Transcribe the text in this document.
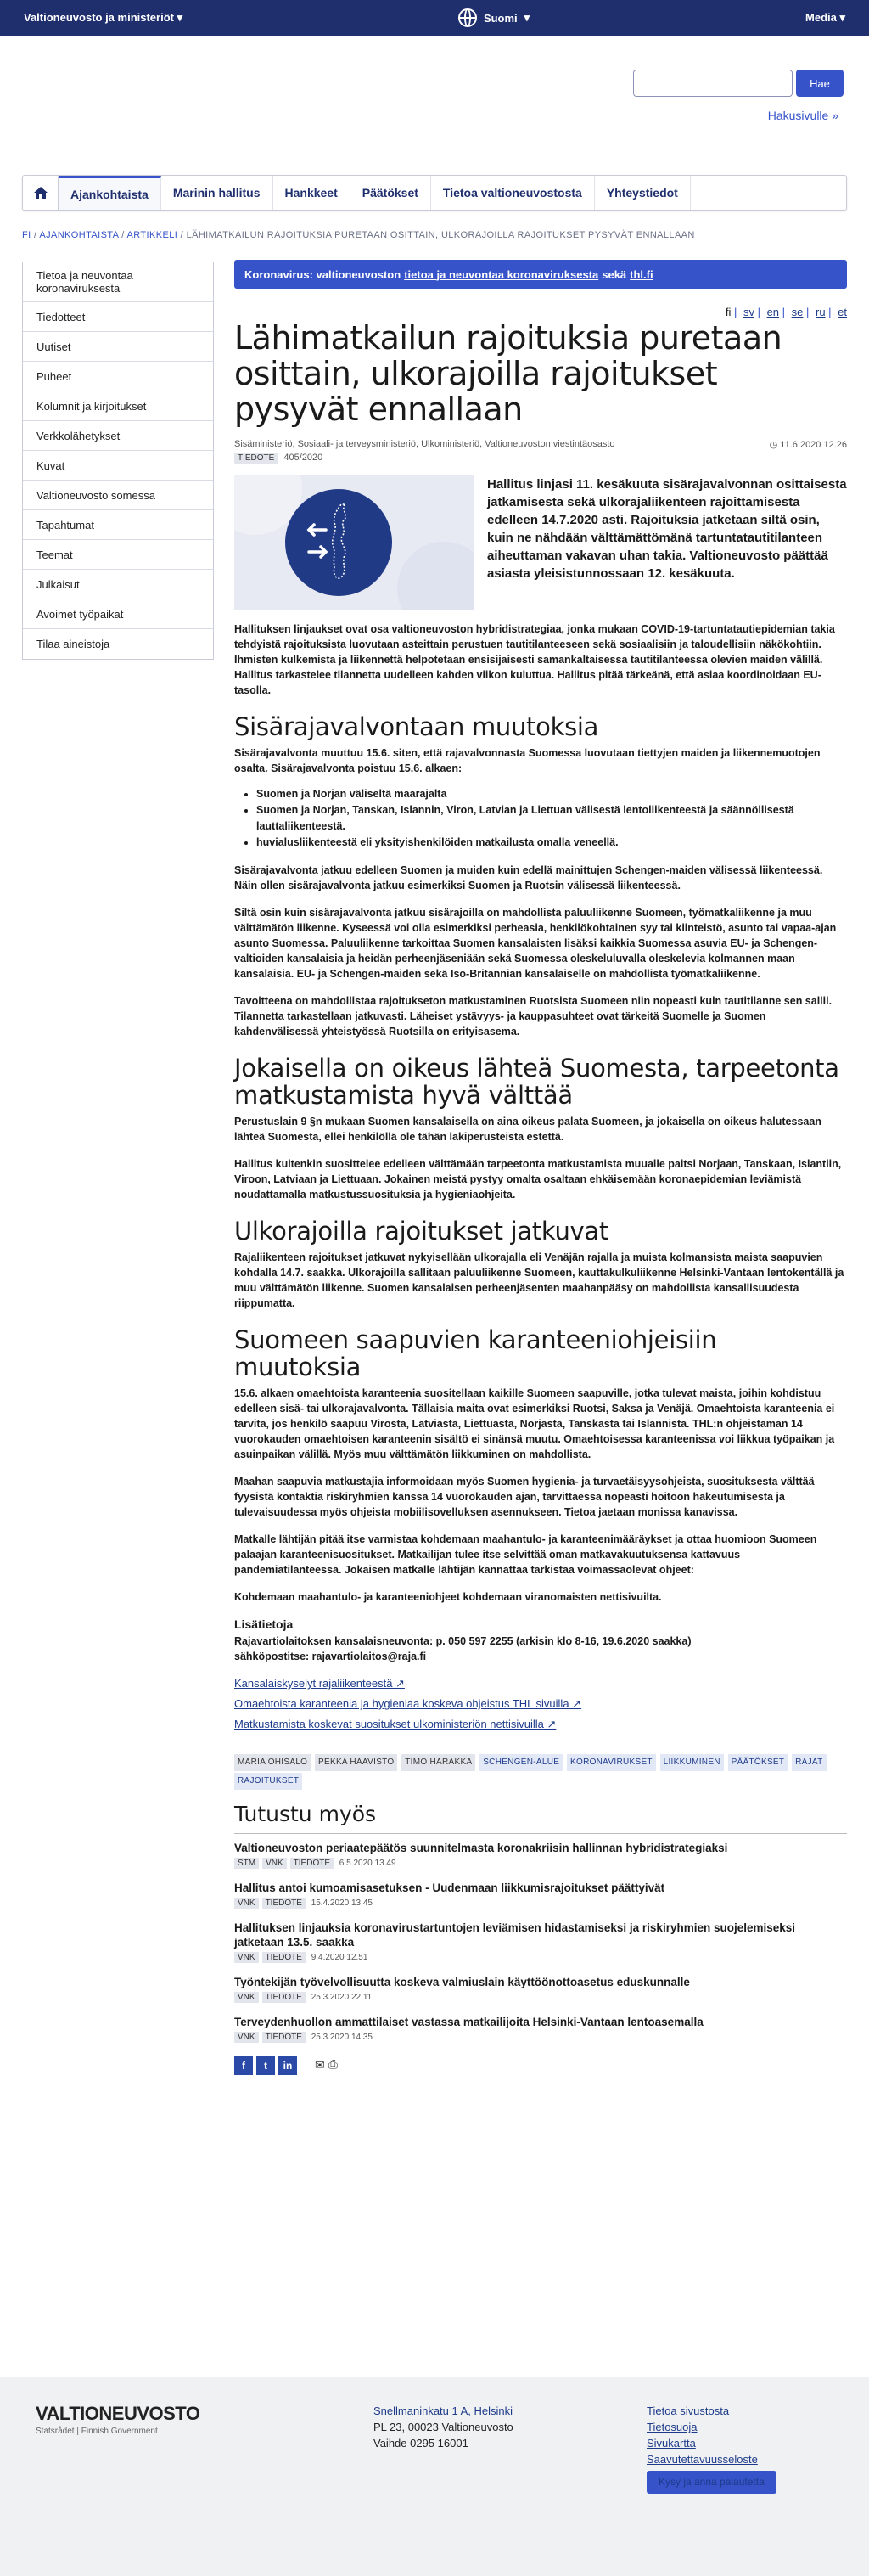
Valtioneuvosto ja ministeriöt ▾	Suomi ▾	Media ▾
Hae
Hakusivulle »
Ajankohtaista	Marinin hallitus	Hankkeet	Päätökset	Tietoa valtioneuvostosta	Yhteystiedot
FI / AJANKOHTAISTA / ARTIKKELI / LÄHIMATKAILUN RAJOITUKSIA PURETAAN OSITTAIN, ULKORAJOILLA RAJOITUKSET PYSYVÄT ENNALLAAN
Tietoa ja neuvontaa koronaviruksesta
Tiedotteet
Uutiset
Puheet
Kolumnit ja kirjoitukset
Verkkolähetykset
Kuvat
Valtioneuvosto somessa
Tapahtumat
Teemat
Julkaisut
Avoimet työpaikat
Tilaa aineistoja
Koronavirus: valtioneuvoston tietoa ja neuvontaa koronaviruksesta sekä thl.fi
fi | sv | en | se | ru | et
Lähimatkailun rajoituksia puretaan osittain, ulkorajoilla rajoitukset pysyvät ennallaan
Sisäministeriö, Sosiaali- ja terveysministeriö, Ulkoministeriö, Valtioneuvoston viestintäosasto	◷ 11.6.2020 12.26
TIEDOTE 405/2020
Hallitus linjasi 11. kesäkuuta sisärajavalvonnan osittaisesta jatkamisesta sekä ulkorajaliikenteen rajoittamisesta edelleen 14.7.2020 asti. Rajoituksia jatketaan siltä osin, kuin ne nähdään välttämättömänä tartuntatautitilanteen aiheuttaman vakavan uhan takia. Valtioneuvosto päättää asiasta yleisistunnossaan 12. kesäkuuta.

Hallituksen linjaukset ovat osa valtioneuvoston hybridistrategiaa, jonka mukaan COVID-19-tartuntatautiepidemian takia tehdyistä rajoituksista luovutaan asteittain perustuen tautitilanteeseen sekä sosiaalisiin ja taloudellisiin näkökohtiin. Ihmisten kulkemista ja liikennettä helpotetaan ensisijaisesti samankaltaisessa tautitilanteessa olevien maiden välillä. Hallitus tarkastelee tilannetta uudelleen kahden viikon kuluttua. Hallitus pitää tärkeänä, että asiaa koordinoidaan EU-tasolla.

Sisärajavalvontaan muutoksia

Sisärajavalvonta muuttuu 15.6. siten, että rajavalvonnasta Suomessa luovutaan tiettyjen maiden ja liikennemuotojen osalta. Sisärajavalvonta poistuu 15.6. alkaen:

• Suomen ja Norjan väliseltä maarajalta
• Suomen ja Norjan, Tanskan, Islannin, Viron, Latvian ja Liettuan välisestä lentoliikenteestä ja säännöllisestä lauttaliikenteestä.
• huvialusliikenteestä eli yksityishenkilöiden matkailusta omalla veneellä.

Sisärajavalvonta jatkuu edelleen Suomen ja muiden kuin edellä mainittujen Schengen-maiden välisessä liikenteessä. Näin ollen sisärajavalvonta jatkuu esimerkiksi Suomen ja Ruotsin välisessä liikenteessä.

Siltä osin kuin sisärajavalvonta jatkuu sisärajoilla on mahdollista paluuliikenne Suomeen, työmatkaliikenne ja muu välttämätön liikenne. Kyseessä voi olla esimerkiksi perheasia, henkilökohtainen syy tai kiinteistö, asunto tai vapaa-ajan asunto Suomessa. Paluuliikenne tarkoittaa Suomen kansalaisten lisäksi kaikkia Suomessa asuvia EU- ja Schengen-valtioiden kansalaisia ja heidän perheenjäseniään sekä Suomessa oleskeluluvalla oleskelevia kolmannen maan kansalaisia. EU- ja Schengen-maiden sekä Iso-Britannian kansalaiselle on mahdollista työmatkaliikenne.

Tavoitteena on mahdollistaa rajoitukseton matkustaminen Ruotsista Suomeen niin nopeasti kuin tautitilanne sen sallii. Tilannetta tarkastellaan jatkuvasti. Läheiset ystävyys- ja kauppasuhteet ovat tärkeitä Suomelle ja Suomen kahdenvälisessä yhteistyössä Ruotsilla on erityisasema.

Jokaisella on oikeus lähteä Suomesta, tarpeetonta matkustamista hyvä välttää

Perustuslain 9 §n mukaan Suomen kansalaisella on aina oikeus palata Suomeen, ja jokaisella on oikeus halutessaan lähteä Suomesta, ellei henkilöllä ole tähän lakiperusteista estettä.

Hallitus kuitenkin suosittelee edelleen välttämään tarpeetonta matkustamista muualle paitsi Norjaan, Tanskaan, Islantiin, Viroon, Latviaan ja Liettuaan. Jokainen meistä pystyy omalta osaltaan ehkäisemään koronaepidemian leviämistä noudattamalla matkustussuosituksia ja hygieniaohjeita.

Ulkorajoilla rajoitukset jatkuvat

Rajaliikenteen rajoitukset jatkuvat nykyisellään ulkorajalla eli Venäjän rajalla ja muista kolmansista maista saapuvien kohdalla 14.7. saakka. Ulkorajoilla sallitaan paluuliikenne Suomeen, kauttakulkuliikenne Helsinki-Vantaan lentokentällä ja muu välttämätön liikenne. Suomen kansalaisen perheenjäsenten maahanpääsy on mahdollista kansallisuudesta riippumatta.

Suomeen saapuvien karanteeniohjeisiin muutoksia

15.6. alkaen omaehtoista karanteenia suositellaan kaikille Suomeen saapuville, jotka tulevat maista, joihin kohdistuu edelleen sisä- tai ulkorajavalvonta. Tällaisia maita ovat esimerkiksi Ruotsi, Saksa ja Venäjä. Omaehtoista karanteenia ei tarvita, jos henkilö saapuu Virosta, Latviasta, Liettuasta, Norjasta, Tanskasta tai Islannista. THL:n ohjeistaman 14 vuorokauden omaehtoisen karanteenin sisältö ei sinänsä muutu. Omaehtoisessa karanteenissa voi liikkua työpaikan ja asuinpaikan välillä. Myös muu välttämätön liikkuminen on mahdollista.

Maahan saapuvia matkustajia informoidaan myös Suomen hygienia- ja turvaetäisyysohjeista, suosituksesta välttää fyysistä kontaktia riskiryhmien kanssa 14 vuorokauden ajan, tarvittaessa nopeasti hoitoon hakeutumisesta ja tulevaisuudessa myös ohjeista mobiilisovelluksen asennukseen. Tietoa jaetaan monissa kanavissa.

Matkalle lähtijän pitää itse varmistaa kohdemaan maahantulo- ja karanteenimääräykset ja ottaa huomioon Suomeen palaajan karanteenisuositukset. Matkailijan tulee itse selvittää oman matkavakuutuksensa kattavuus pandemiatilanteessa. Jokaisen matkalle lähtijän kannattaa tarkistaa voimassaolevat ohjeet:

Kohdemaan maahantulo- ja karanteeniohjeet kohdemaan viranomaisten nettisivuilta.

Lisätietoja

Rajavartiolaitoksen kansalaisneuvonta: p. 050 597 2255 (arkisin klo 8-16, 19.6.2020 saakka)

sähköpostitse: rajavartiolaitos@raja.fi

Kansalaiskyselyt rajaliikenteestä ↗
Omaehtoista karanteenia ja hygieniaa koskeva ohjeistus THL sivuilla ↗
Matkustamista koskevat suositukset ulkoministeriön nettisivuilla ↗
MARIA OHISALO PEKKA HAAVISTO TIMO HARAKKA SCHENGEN-ALUE KORONAVIRUKSET LIIKKUMINEN PÄÄTÖKSET RAJAT RAJOITUKSET
Tutustu myös
Valtioneuvoston periaatepäätös suunnitelmasta koronakriisin hallinnan hybridistrategiaksi
STM VNK TIEDOTE 6.5.2020 13.49
Hallitus antoi kumoamisasetuksen - Uudenmaan liikkumisrajoitukset päättyivät
VNK TIEDOTE 15.4.2020 13.45
Hallituksen linjauksia koronavirustartuntojen leviämisen hidastamiseksi ja riskiryhmien suojelemiseksi jatketaan 13.5. saakka
VNK TIEDOTE 9.4.2020 12.51
Työntekijän työvelvollisuutta koskeva valmiuslain käyttöönottoasetus eduskunnalle
VNK TIEDOTE 25.3.2020 22.11
Terveydenhuollon ammattilaiset vastassa matkailijoita Helsinki-Vantaan lentoasemalla
VNK TIEDOTE 25.3.2020 14.35
f	t	in	✉ ⎙
VALTIONEUVOSTO
Statsrådet | Finnish Government
Snellmaninkatu 1 A, Helsinki
PL 23, 00023 Valtioneuvosto
Vaihde 0295 16001
Tietoa sivustosta
Tietosuoja
Sivukartta
Saavutettavuusseloste
Kysy ja anna palautetta
